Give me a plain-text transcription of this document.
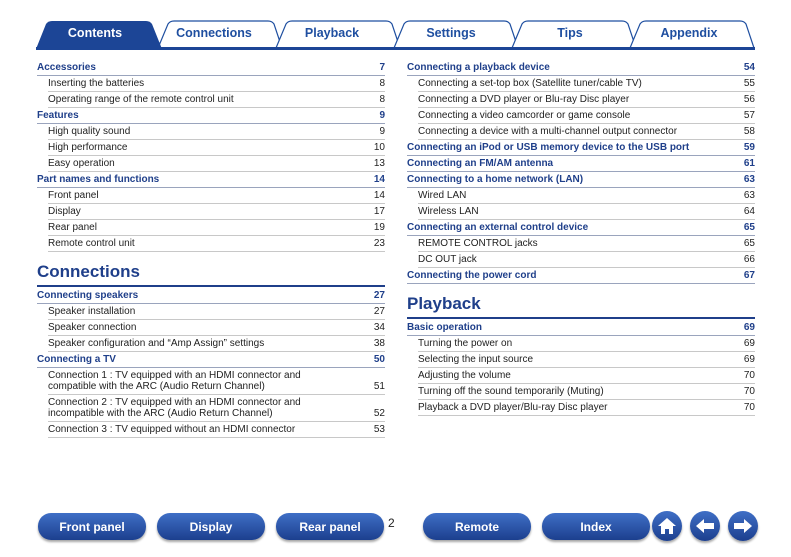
Contents	Connections	Playback	Settings	Tips	Appendix
Accessories	7
Inserting the batteries	8
Operating range of the remote control unit	8
Features	9
High quality sound	9
High performance	10
Easy operation	13
Part names and functions	14
Front panel	14
Display	17
Rear panel	19
Remote control unit	23
Connections
Connecting speakers	27
Speaker installation	27
Speaker connection	34
Speaker configuration and “Amp Assign” settings	38
Connecting a TV	50
Connection 1 : TV equipped with an HDMI connector and
compatible with the ARC (Audio Return Channel)	51
Connection 2 : TV equipped with an HDMI connector and
incompatible with the ARC (Audio Return Channel)	52
Connection 3 : TV equipped without an HDMI connector	53
Connecting a playback device	54
Connecting a set-top box (Satellite tuner/cable TV)	55
Connecting a DVD player or Blu-ray Disc player	56
Connecting a video camcorder or game console	57
Connecting a device with a multi-channel output connector	58
Connecting an iPod or USB memory device to the USB port	59
Connecting an FM/AM antenna	61
Connecting to a home network (LAN)	63
Wired LAN	63
Wireless LAN	64
Connecting an external control device	65
REMOTE CONTROL jacks	65
DC OUT jack	66
Connecting the power cord	67
Playback
Basic operation	69
Turning the power on	69
Selecting the input source	69
Adjusting the volume	70
Turning off the sound temporarily (Muting)	70
Playback a DVD player/Blu-ray Disc player	70
Front panel	Display	Rear panel	2	Remote	Index
